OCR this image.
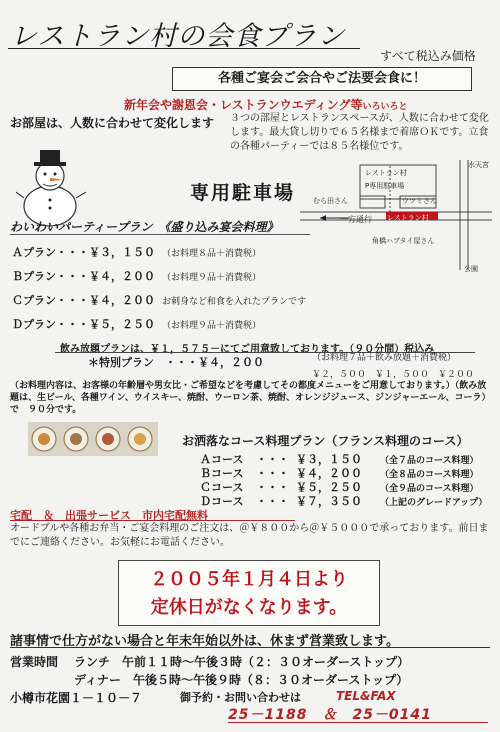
レストラン村の会食プラン
すべて税込み価格
各種ご宴会ご会合やご法要会食に！
新年会や謝恩会・レストランウエディング等いろいろと
お部屋は、人数に合わせて変化します ３つの部屋とレストランスペースが、人数に合わせて変化します。最大貸し切りで６５名様まで着席ＯＫです。立食の各種パーティーでは８５名様位です。
専用駐車場
レストラン村
P専用駐車場
むら田さん	ウツミさん
一方通行 レストラン村
角橋ハブタイ屋さん
水天宮
公園
わいわいパーティープラン　《盛り込み宴会料理》
Ａプラン・・・￥３，１５０ （お料理８品＋消費税）
Ｂプラン・・・￥４，２００ （お料理９品＋消費税）
Ｃプラン・・・￥４，２００ お刺身など和食を入れたプランです
Ｄプラン・・・￥５，２５０ （お料理９品＋消費税）
飲み放題プランは、￥１，５７５－にてご用意致しております。（９０分間）税込み
＊特別プラン　・・・￥４，２００	（お料理７品＋飲み放題＋消費税）
￥２，５００　￥１，５００　￥２００
（お料理内容は、お客様の年齢層や男女比・ご希望などを考慮してその都度メニューをご用意しております。）（飲み放題は、生ビール、各種ワイン、ウイスキー、焼酎、ウーロン茶、焼酎、オレンジジュース、ジンジャーエール、コーラ）で　９０分です。
お洒落なコース料理プラン（フランス料理のコース）
Ａコース ・・・ ￥３，１５０ （全７品のコース料理）
Ｂコース ・・・ ￥４，２００ （全８品のコース料理）
Ｃコース ・・・ ￥５，２５０ （全９品のコース料理）
Ｄコース ・・・ ￥７，３５０ （上記のグレードアップ）
宅配　＆　出張サービス　市内宅配無料
オードブルや各種お弁当・ご宴会料理のご注文は、＠￥８００から＠￥５０００で承っております。前日までにご連絡ください。お気軽にお電話ください。
２００５年１月４日より
定休日がなくなります。
諸事情で仕方がない場合と年末年始以外は、休まず営業致します。
営業時間 ランチ　午前１１時～午後３時（２：３０オーダーストップ）
ディナー　午後５時～午後９時（８：３０オーダーストップ）
小樽市花園１－１０－７	御予約・お問い合わせは	TEL&FAX
25－1188　＆　25－0141
